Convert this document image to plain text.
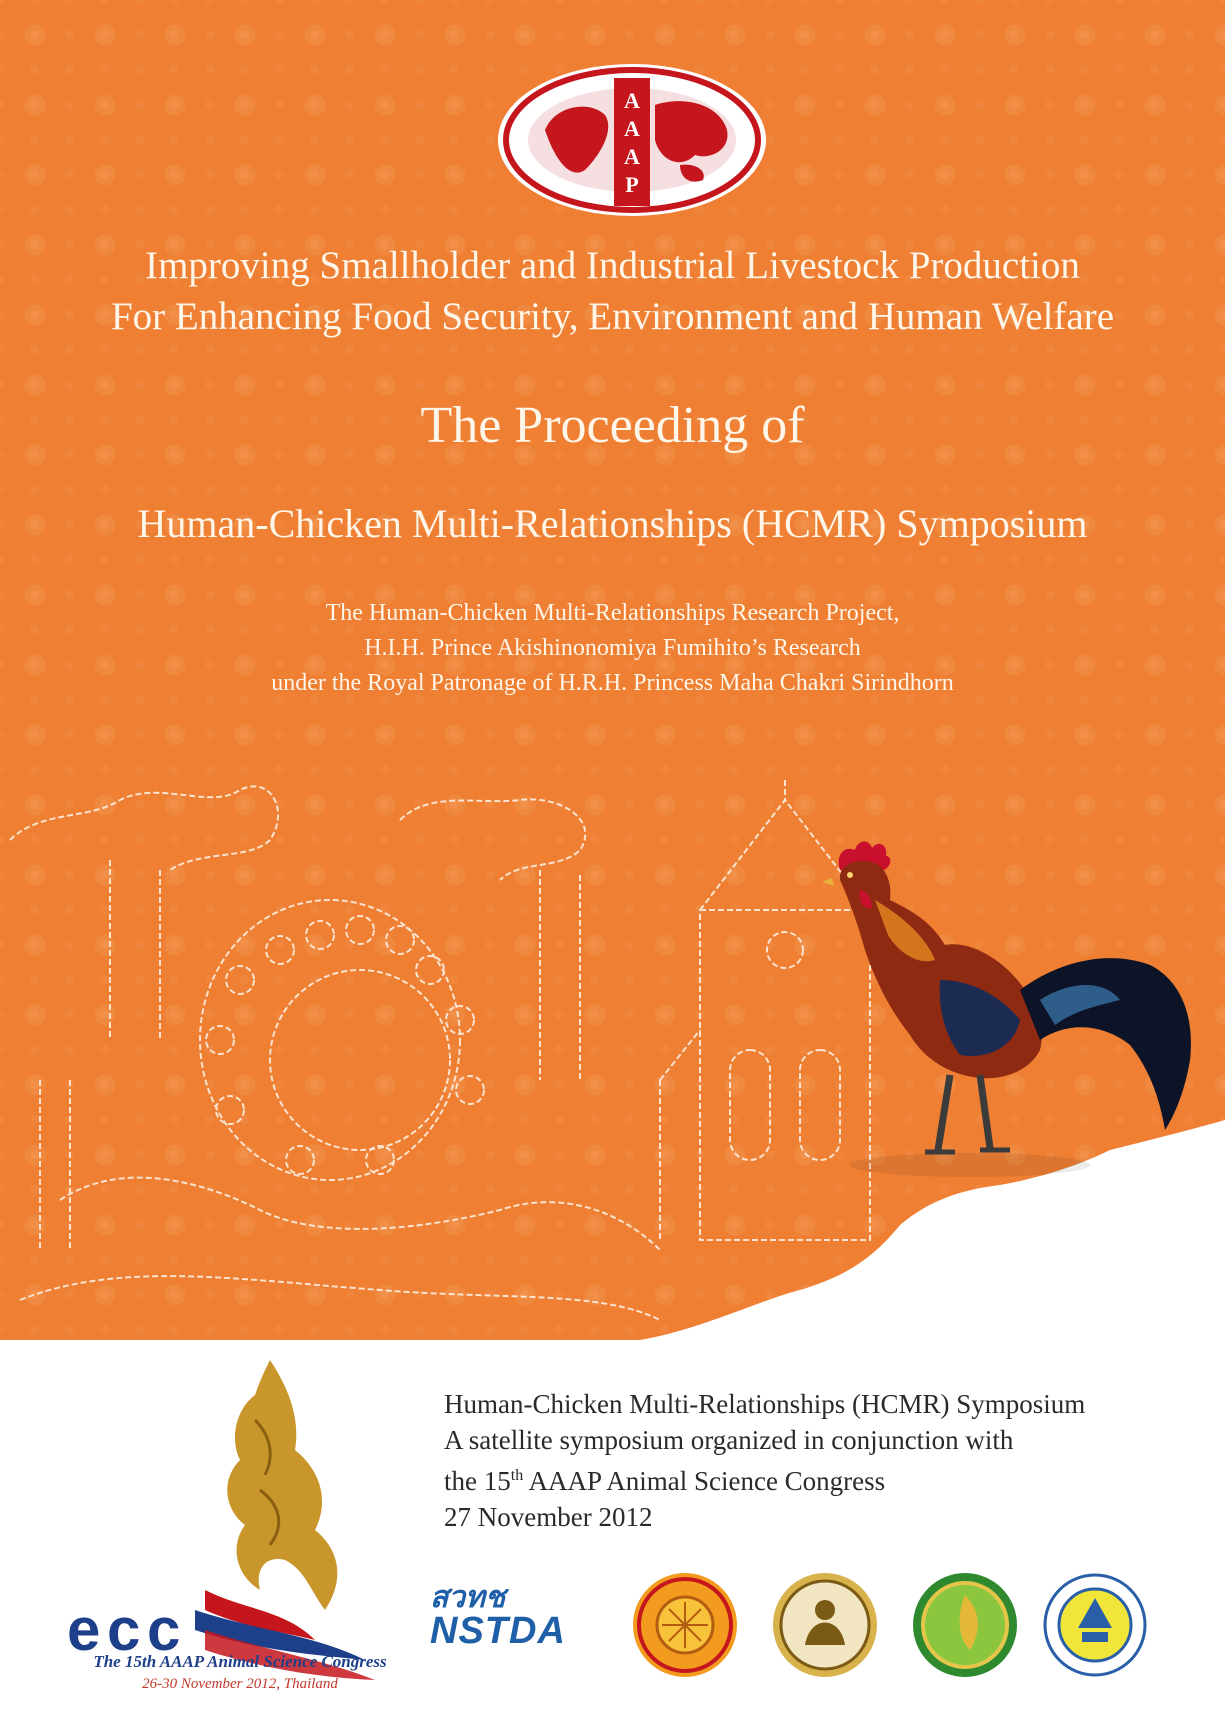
A
A
A
P
Improving Smallholder and Industrial Livestock Production
For Enhancing Food Security, Environment and Human Welfare
The Proceeding of
Human-Chicken Multi-Relationships (HCMR) Symposium
The Human-Chicken Multi-Relationships Research Project,
H.I.H. Prince Akishinonomiya Fumihito’s Research
under the Royal Patronage of H.R.H. Princess Maha Chakri Sirindhorn
Human-Chicken Multi-Relationships (HCMR) Symposium
A satellite symposium organized in conjunction with
the 15th AAAP Animal Science Congress
27 November 2012
e c c
The 15th AAAP Animal Science Congress
26-30 November 2012, Thailand
สวทช
NSTDA
